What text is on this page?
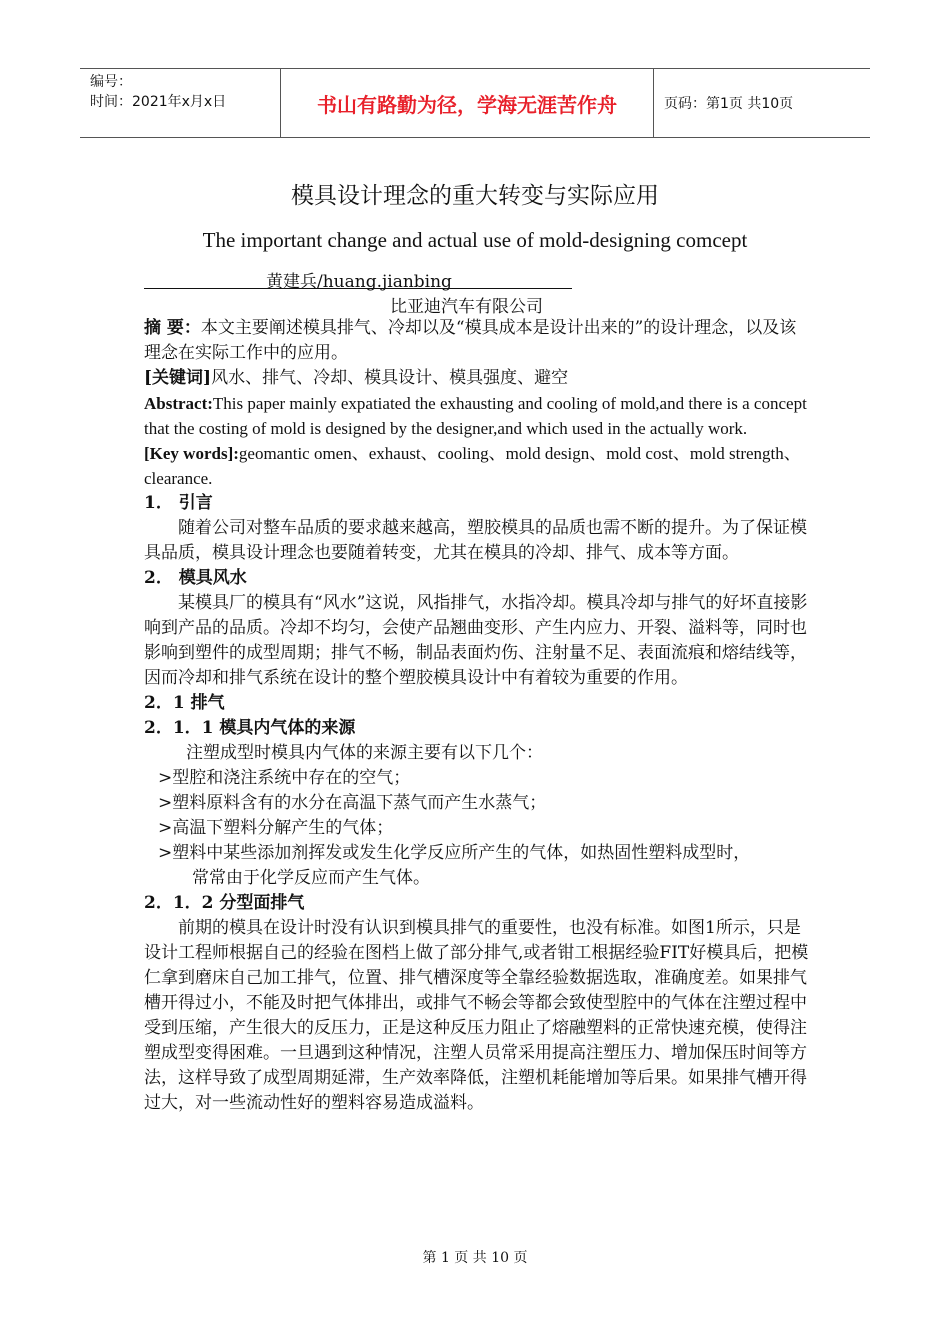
编号：
时间：2021年x月x日	书山有路勤为径，学海无涯苦作舟	页码：第1页 共10页
模具设计理念的重大转变与实际应用
The important change and actual use of mold-designing comcept
黄建兵/huang.jianbing
比亚迪汽车有限公司

摘 要：本文主要阐述模具排气、冷却以及“模具成本是设计出来的”的设计理念，以及该理念在实际工作中的应用。

[关键词]风水、排气、冷却、模具设计、模具强度、避空

Abstract:This paper mainly expatiated the exhausting and cooling of mold,and there is a concept that the costing of mold is designed by the designer,and which used in the actually work.

[Key words]:geomantic omen、exhaust、cooling、mold design、mold cost、mold strength、clearance.

1． 引言

随着公司对整车品质的要求越来越高，塑胶模具的品质也需不断的提升。为了保证模具品质，模具设计理念也要随着转变，尤其在模具的冷却、排气、成本等方面。

2． 模具风水

某模具厂的模具有“风水”这说，风指排气，水指冷却。模具冷却与排气的好坏直接影响到产品的品质。冷却不均匀，会使产品翘曲变形、产生内应力、开裂、溢料等，同时也影响到塑件的成型周期；排气不畅，制品表面灼伤、注射量不足、表面流痕和熔结线等，因而冷却和排气系统在设计的整个塑胶模具设计中有着较为重要的作用。

2．1 排气

2．1．1 模具内气体的来源

注塑成型时模具内气体的来源主要有以下几个：

>型腔和浇注系统中存在的空气；

>塑料原料含有的水分在高温下蒸气而产生水蒸气；

>高温下塑料分解产生的气体；

>塑料中某些添加剂挥发或发生化学反应所产生的气体，如热固性塑料成型时，

常常由于化学反应而产生气体。

2．1．2 分型面排气

前期的模具在设计时没有认识到模具排气的重要性，也没有标准。如图1所示，只是设计工程师根据自己的经验在图档上做了部分排气,或者钳工根据经验FIT好模具后，把模仁拿到磨床自己加工排气，位置、排气槽深度等全靠经验数据选取，准确度差。如果排气槽开得过小，不能及时把气体排出，或排气不畅会等都会致使型腔中的气体在注塑过程中受到压缩，产生很大的反压力，正是这种反压力阻止了熔融塑料的正常快速充模，使得注塑成型变得困难。一旦遇到这种情况，注塑人员常采用提高注塑压力、增加保压时间等方法，这样导致了成型周期延滞，生产效率降低，注塑机耗能增加等后果。如果排气槽开得过大，对一些流动性好的塑料容易造成溢料。

第 1 页 共 10 页
